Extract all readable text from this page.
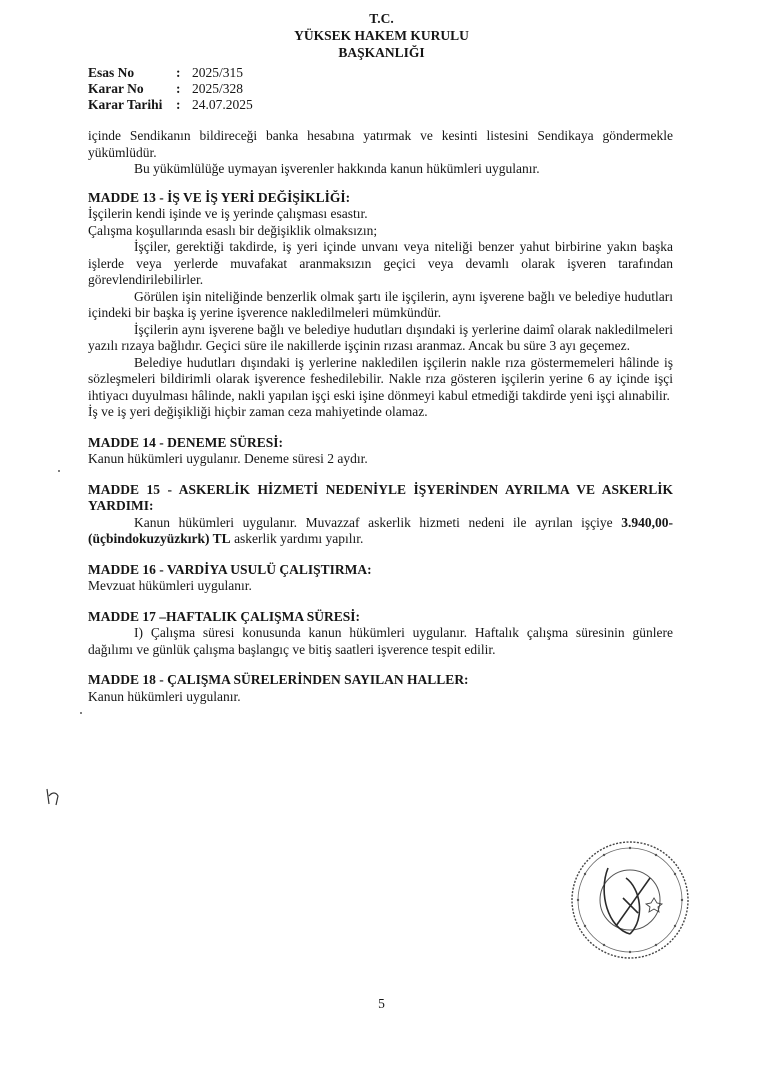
T.C.
YÜKSEK HAKEM KURULU
BAŞKANLIĞI
Esas No	: 2025/315
Karar No	: 2025/328
Karar Tarihi	: 24.07.2025

içinde Sendikanın bildireceği banka hesabına yatırmak ve kesinti listesini Sendikaya göndermekle yükümlüdür.

Bu yükümlülüğe uymayan işverenler hakkında kanun hükümleri uygulanır.

MADDE 13 - İŞ VE İŞ YERİ DEĞİŞİKLİĞİ:

İşçilerin kendi işinde ve iş yerinde çalışması esastır.

Çalışma koşullarında esaslı bir değişiklik olmaksızın;

İşçiler, gerektiği takdirde, iş yeri içinde unvanı veya niteliği benzer yahut birbirine yakın başka işlerde veya yerlerde muvafakat aranmaksızın geçici veya devamlı olarak işveren tarafından görevlendirilebilirler.

Görülen işin niteliğinde benzerlik olmak şartı ile işçilerin, aynı işverene bağlı ve belediye hudutları içindeki bir başka iş yerine işverence nakledilmeleri mümkündür.

İşçilerin aynı işverene bağlı ve belediye hudutları dışındaki iş yerlerine daimî olarak nakledilmeleri yazılı rızaya bağlıdır. Geçici süre ile nakillerde işçinin rızası aranmaz. Ancak bu süre 3 ayı geçemez.

Belediye hudutları dışındaki iş yerlerine nakledilen işçilerin nakle rıza göstermemeleri hâlinde iş sözleşmeleri bildirimli olarak işverence feshedilebilir. Nakle rıza gösteren işçilerin yerine 6 ay içinde işçi ihtiyacı duyulması hâlinde, nakli yapılan işçi eski işine dönmeyi kabul etmediği takdirde yeni işçi alınabilir.

İş ve iş yeri değişikliği hiçbir zaman ceza mahiyetinde olamaz.

MADDE 14 - DENEME SÜRESİ:

Kanun hükümleri uygulanır. Deneme süresi 2 aydır.

MADDE 15 - ASKERLİK HİZMETİ NEDENİYLE İŞYERİNDEN AYRILMA VE ASKERLİK YARDIMI:

Kanun hükümleri uygulanır. Muvazzaf askerlik hizmeti nedeni ile ayrılan işçiye 3.940,00-(üçbindokuzyüzkırk) TL askerlik yardımı yapılır.

MADDE 16 - VARDİYA USULÜ ÇALIŞTIRMA:

Mevzuat hükümleri uygulanır.

MADDE 17 –HAFTALIK ÇALIŞMA SÜRESİ:

I) Çalışma süresi konusunda kanun hükümleri uygulanır. Haftalık çalışma süresinin günlere dağılımı ve günlük çalışma başlangıç ve bitiş saatleri işverence tespit edilir.

MADDE 18 - ÇALIŞMA SÜRELERİNDEN SAYILAN HALLER:

Kanun hükümleri uygulanır.

5
